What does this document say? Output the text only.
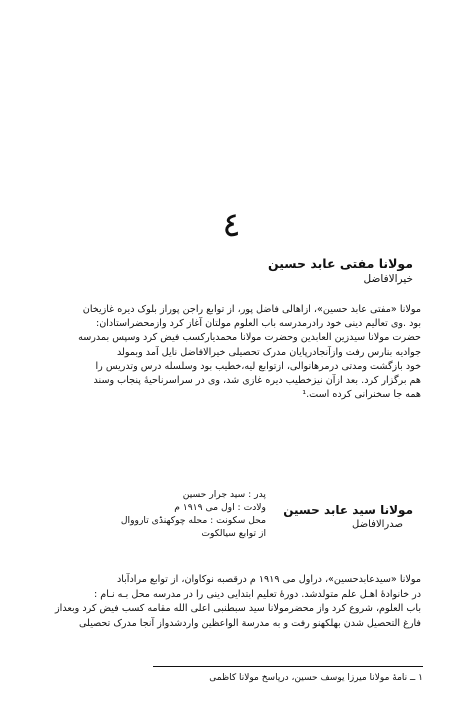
٤
مولانا مفتی عابد حسین
خیرالافاضل
مولانا «مفتی عابد حسین»، ازاهالی فاضل پور، از توابع راجن پوراز بلوک دیره غازیخان
بود .وی تعالیم دینی خود رادرمدرسه باب العلوم مولتان آغاز کرد وازمحضراستادان:
حضرت مولانا سیدزین العابدین وحضرت مولانا محمدیارکسب فیض کرد وسپس بمدرسه
جوادیه بنارس رفت وازآنجادرپایان مدرک تحصیلی خیرالافاضل نایل آمد وبمولد
خود بازگشت ومدتی درمرهانوالی، ازتوابع لیه،خطیب بود وسلسله درس وتدریس را
هم برگزار کرد. بعد ازآن نیزخطیب دیره غازی شد، وی در سراسرناحیهٔ پنجاب وسند
همه جا سخنرانی کرده است.¹
مولانا سید عابد حسین
صدرالافاضل
پدر : سید جرار حسین
ولادت : اول می ۱۹۱۹ م
محل سکونت : محله چوکهنڈی تارووال
از توابع سیالکوت
مولانا «سیدعابدحسین»، دراول می ۱۹۱۹ م درقصبه نوکاوان، از توابع مرادآباد
در خانوادهٔ اهـل علم متولدشد. دورهٔ تعلیم ابتدایی دینی را در مدرسه محل بـه نـام :
باب العلوم، شروع کرد واز محضرمولانا سید سبطنبی اعلی الله مقامه کسب فیض کرد وبعداز
فارغ التحصیل شدن بهلکهنو رفت و به مدرسة الواعظین واردشدواز آنجا مدرک تحصیلی
۱ ــ نامهٔ مولانا میرزا یوسف حسین، درپاسخ مولانا کاظمی
